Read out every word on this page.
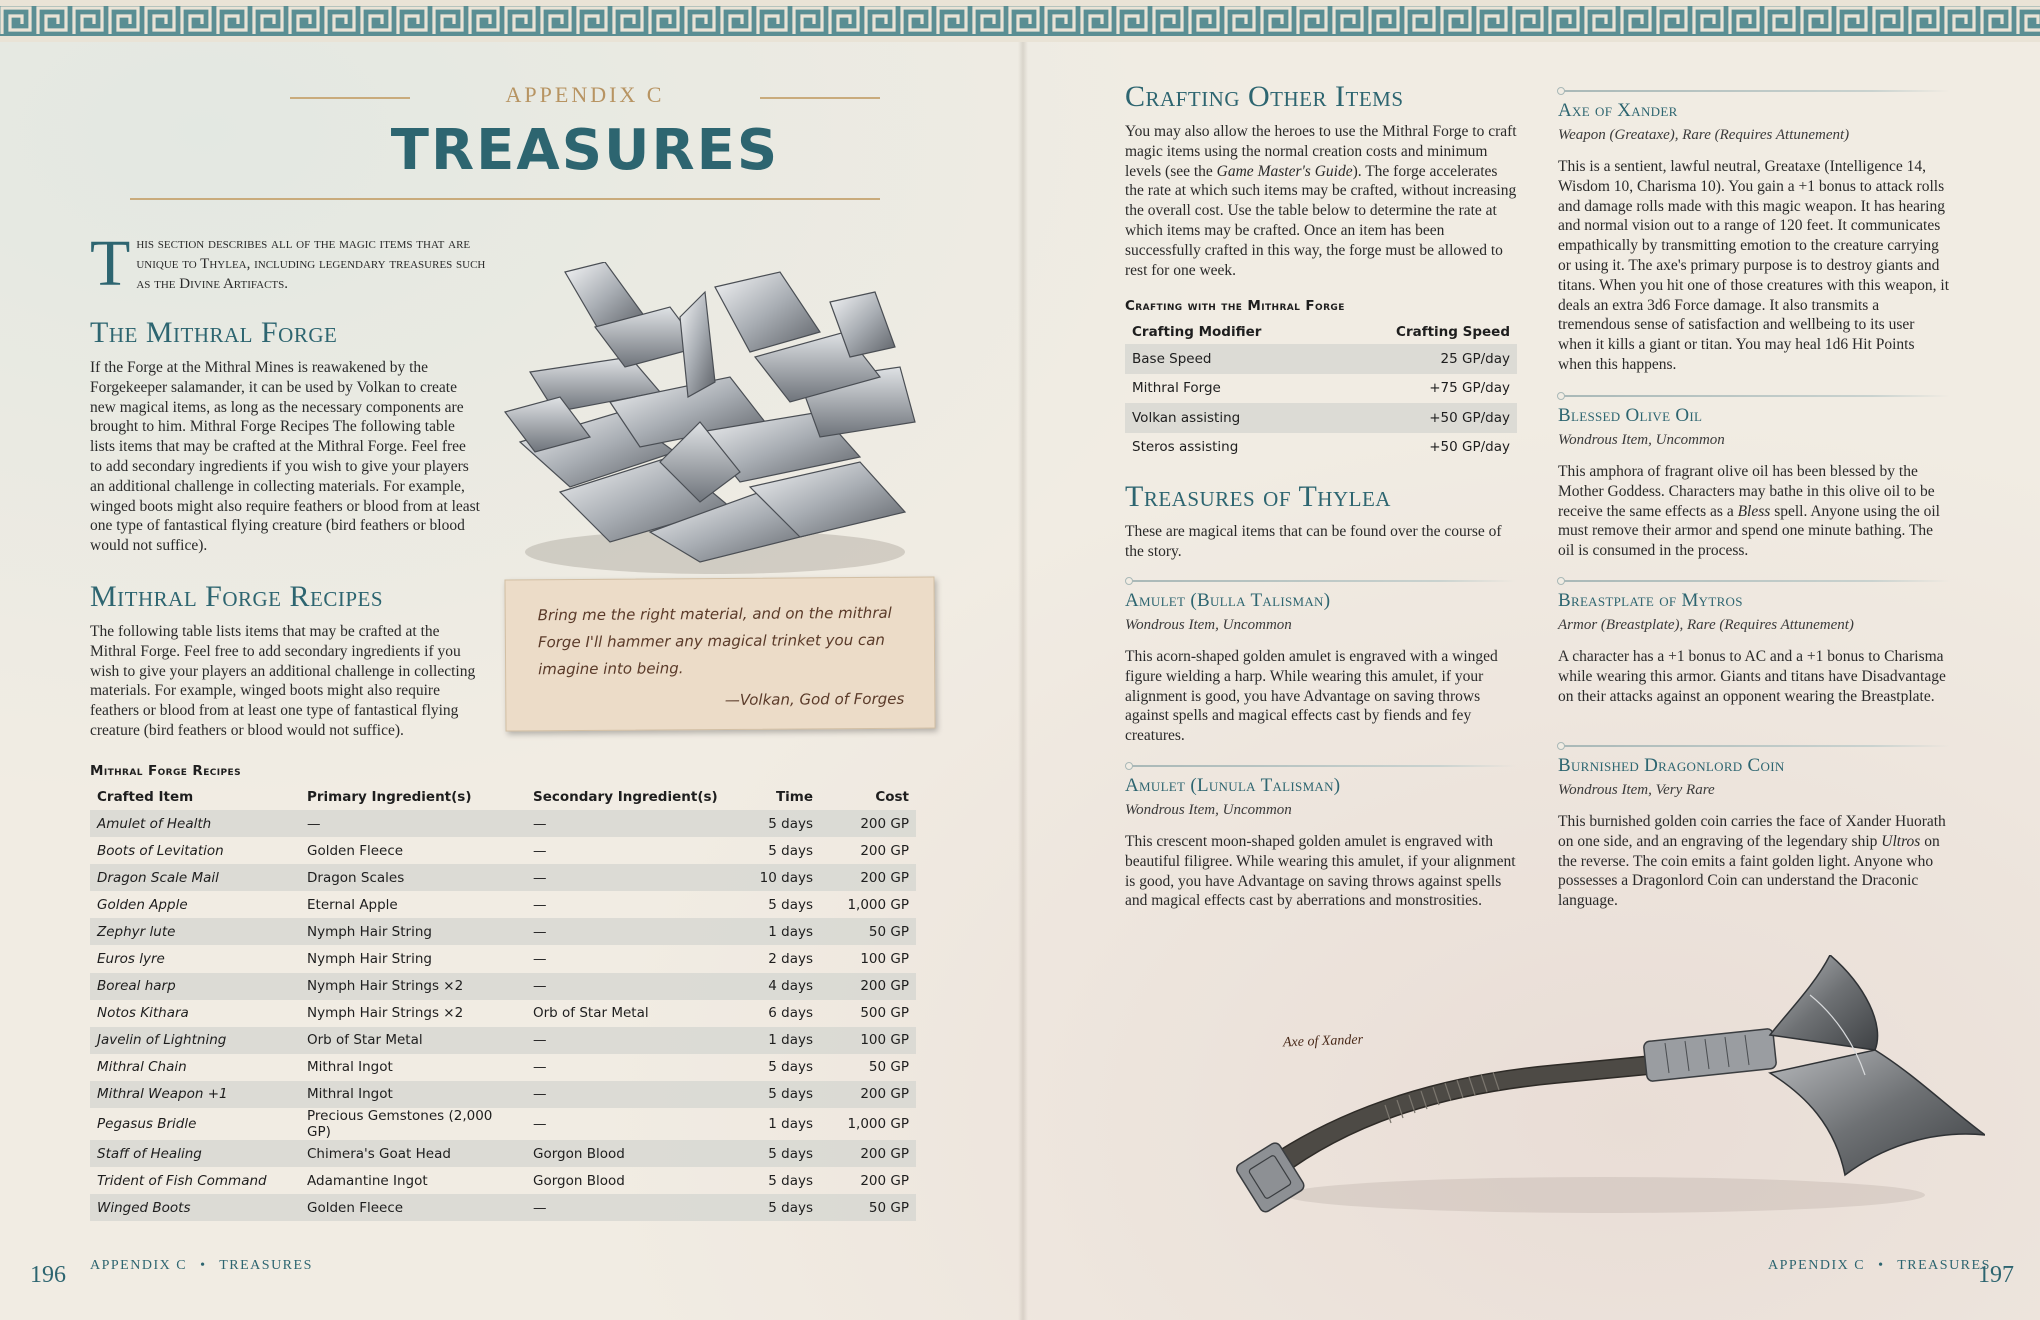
APPENDIX C
TREASURES
T his section describes all of the magic items that are unique to Thylea, including legendary treasures such as the Divine Artifacts.
The Mithral Forge
If the Forge at the Mithral Mines is reawakened by the Forgekeeper salamander, it can be used by Volkan to create new magical items, as long as the necessary components are brought to him. Mithral Forge Recipes The following table lists items that may be crafted at the Mithral Forge. Feel free to add secondary ingredients if you wish to give your players an additional challenge in collecting materials. For example, winged boots might also require feathers or blood from at least one type of fantastical flying creature (bird feathers or blood would not suffice).
Mithral Forge Recipes
The following table lists items that may be crafted at the Mithral Forge. Feel free to add secondary ingredients if you wish to give your players an additional challenge in collecting materials. For example, winged boots might also require feathers or blood from at least one type of fantastical flying creature (bird feathers or blood would not suffice).
Bring me the right material, and on the mithral Forge I'll hammer any magical trinket you can imagine into being.
—Volkan, God of Forges
Mithral Forge Recipes
Crafted Item	Primary Ingredient(s)	Secondary Ingredient(s)	Time	Cost
Amulet of Health	—	—	5 days	200 GP
Boots of Levitation	Golden Fleece	—	5 days	200 GP
Dragon Scale Mail	Dragon Scales	—	10 days	200 GP
Golden Apple	Eternal Apple	—	5 days	1,000 GP
Zephyr lute	Nymph Hair String	—	1 days	50 GP
Euros lyre	Nymph Hair String	—	2 days	100 GP
Boreal harp	Nymph Hair Strings ×2	—	4 days	200 GP
Notos Kithara	Nymph Hair Strings ×2	Orb of Star Metal	6 days	500 GP
Javelin of Lightning	Orb of Star Metal	—	1 days	100 GP
Mithral Chain	Mithral Ingot	—	5 days	50 GP
Mithral Weapon +1	Mithral Ingot	—	5 days	200 GP
Pegasus Bridle	Precious Gemstones (2,000 GP)	—	1 days	1,000 GP
Staff of Healing	Chimera's Goat Head	Gorgon Blood	5 days	200 GP
Trident of Fish Command	Adamantine Ingot	Gorgon Blood	5 days	200 GP
Winged Boots	Golden Fleece	—	5 days	50 GP
196 APPENDIX C • TREASURES
Crafting Other Items
You may also allow the heroes to use the Mithral Forge to craft magic items using the normal creation costs and minimum levels (see the Game Master's Guide). The forge accelerates the rate at which such items may be crafted, without increasing the overall cost. Use the table below to determine the rate at which items may be crafted. Once an item has been successfully crafted in this way, the forge must be allowed to rest for one week.
Crafting with the Mithral Forge
Crafting Modifier	Crafting Speed
Base Speed	25 GP/day
Mithral Forge	+75 GP/day
Volkan assisting	+50 GP/day
Steros assisting	+50 GP/day
Treasures of Thylea
These are magical items that can be found over the course of the story.
Amulet (Bulla Talisman)
Wondrous Item, Uncommon
This acorn-shaped golden amulet is engraved with a winged figure wielding a harp. While wearing this amulet, if your alignment is good, you have Advantage on saving throws against spells and magical effects cast by fiends and fey creatures.
Amulet (Lunula Talisman)
Wondrous Item, Uncommon
This crescent moon-shaped golden amulet is engraved with beautiful filigree. While wearing this amulet, if your alignment is good, you have Advantage on saving throws against spells and magical effects cast by aberrations and monstrosities.
Axe of Xander
Weapon (Greataxe), Rare (Requires Attunement)
This is a sentient, lawful neutral, Greataxe (Intelligence 14, Wisdom 10, Charisma 10). You gain a +1 bonus to attack rolls and damage rolls made with this magic weapon. It has hearing and normal vision out to a range of 120 feet. It communicates empathically by transmitting emotion to the creature carrying or using it. The axe's primary purpose is to destroy giants and titans. When you hit one of those creatures with this weapon, it deals an extra 3d6 Force damage. It also transmits a tremendous sense of satisfaction and wellbeing to its user when it kills a giant or titan. You may heal 1d6 Hit Points when this happens.
Blessed Olive Oil
Wondrous Item, Uncommon
This amphora of fragrant olive oil has been blessed by the Mother Goddess. Characters may bathe in this olive oil to be receive the same effects as a Bless spell. Anyone using the oil must remove their armor and spend one minute bathing. The oil is consumed in the process.
Breastplate of Mytros
Armor (Breastplate), Rare (Requires Attunement)
A character has a +1 bonus to AC and a +1 bonus to Charisma while wearing this armor. Giants and titans have Disadvantage on their attacks against an opponent wearing the Breastplate.
Burnished Dragonlord Coin
Wondrous Item, Very Rare
This burnished golden coin carries the face of Xander Huorath on one side, and an engraving of the legendary ship Ultros on the reverse. The coin emits a faint golden light. Anyone who possesses a Dragonlord Coin can understand the Draconic language.
Axe of Xander
APPENDIX C • TREASURES
197
